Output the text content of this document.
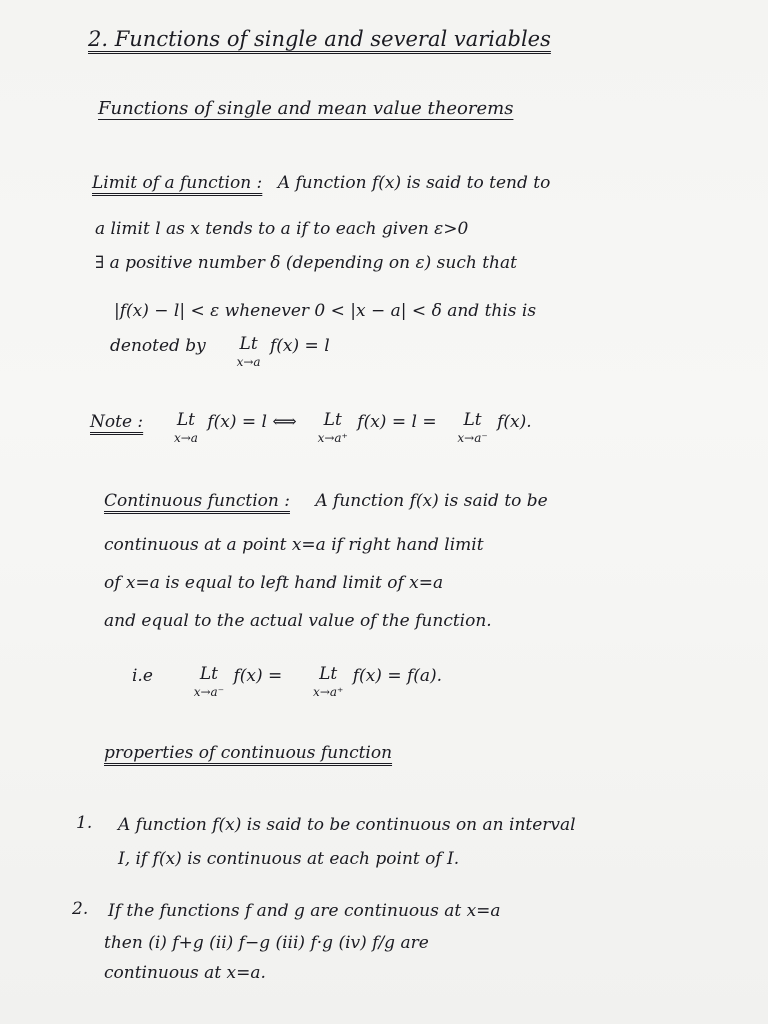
2. Functions of single and several variables
Functions of single and mean value theorems
Limit of a function : A function f(x) is said to tend to
a limit l as x tends to a if to each given ε>0
∃ a positive number δ (depending on ε) such that
|f(x) − l| < ε whenever 0 < |x − a| < δ and this is
denoted by Lt
x→a
f(x) = l
Note : Lt
x→a
f(x) = l ⟺ Lt
x→a⁺
f(x) = l = Lt
x→a⁻
f(x).
Continuous function : A function f(x) is said to be
continuous at a point x=a if right hand limit
of x=a is equal to left hand limit of x=a
and equal to the actual value of the function.
i.e	Lt
x→a⁻
f(x) = Lt
x→a⁺
f(x) = f(a).
properties of continuous function
1. A function f(x) is said to be continuous on an interval
I, if f(x) is continuous at each point of I.
2. If the functions f and g are continuous at x=a
then (i) f+g (ii) f−g (iii) f·g (iv) f/g are
continuous at x=a.
